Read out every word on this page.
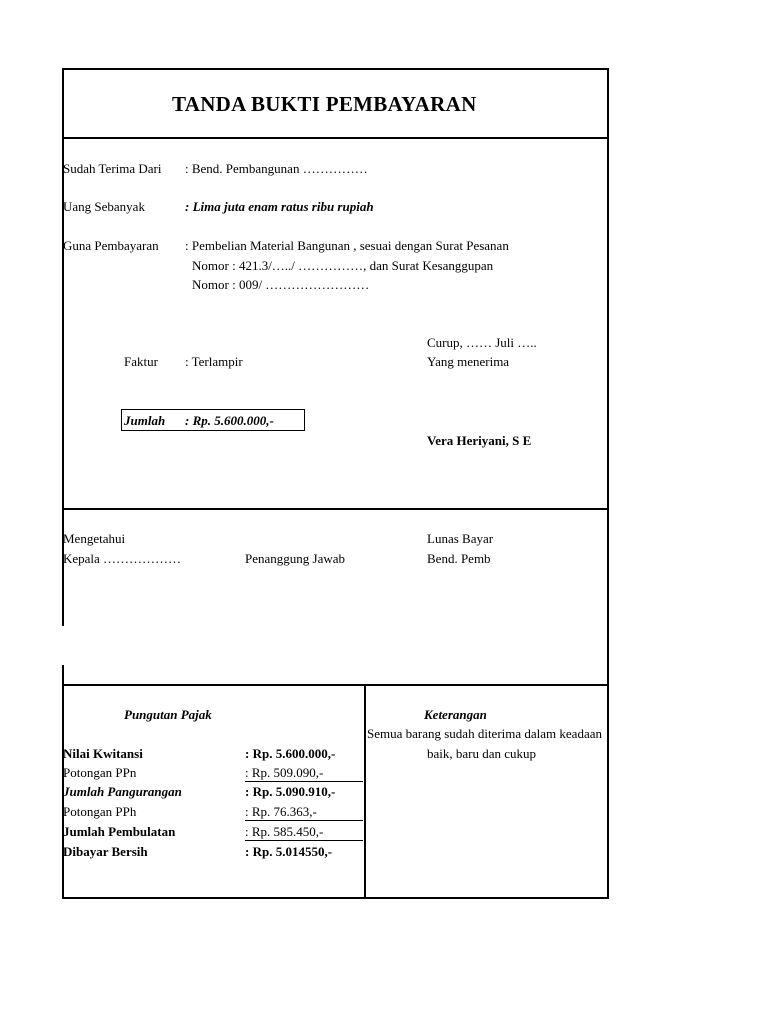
TANDA BUKTI PEMBAYARAN
Sudah Terima Dari : Bend. Pembangunan ……………
Uang Sebanyak	: Lima juta enam ratus ribu rupiah
Guna Pembayaran : Pembelian Material Bangunan , sesuai dengan Surat Pesanan
Nomor : 421.3/…../ ……………, dan Surat Kesanggupan
Nomor : 009/ ……………………
Curup, …… Juli …..
Yang menerima
Faktur : Terlampir
Jumlah : Rp. 5.600.000,-
Vera Heriyani, S E
Mengetahui
Kepala ………………	Penanggung Jawab
Lunas Bayar
Bend. Pemb
Pungutan Pajak
Nilai Kwitansi	: Rp. 5.600.000,-
Potongan PPn	: Rp. 509.090,-
Jumlah Pangurangan	: Rp. 5.090.910,-
Potongan PPh	: Rp. 76.363,-
Jumlah Pembulatan	: Rp. 585.450,-
Dibayar Bersih	: Rp. 5.014550,-
Keterangan
Semua barang sudah diterima dalam keadaan
baik, baru dan cukup
